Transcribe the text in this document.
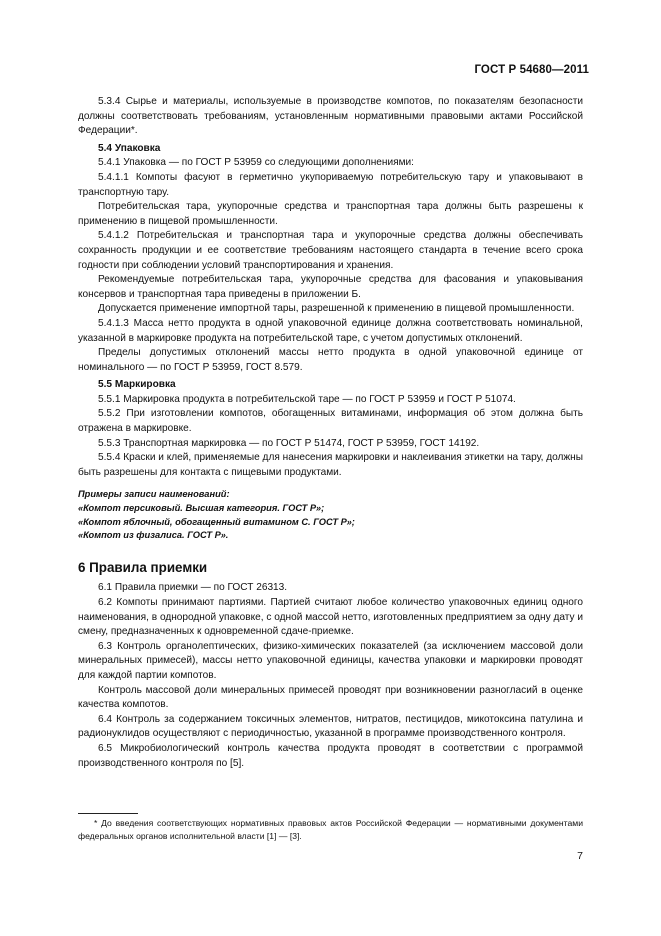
ГОСТ Р 54680—2011

5.3.4 Сырье и материалы, используемые в производстве компотов, по показателям безопасности должны соответствовать требованиям, установленным нормативными правовыми актами Российской Федерации*.

5.4 Упаковка

5.4.1 Упаковка — по ГОСТ Р 53959 со следующими дополнениями:

5.4.1.1 Компоты фасуют в герметично укупориваемую потребительскую тару и упаковывают в транспортную тару.

Потребительская тара, укупорочные средства и транспортная тара должны быть разрешены к применению в пищевой промышленности.

5.4.1.2 Потребительская и транспортная тара и укупорочные средства должны обеспечивать сохранность продукции и ее соответствие требованиям настоящего стандарта в течение всего срока годности при соблюдении условий транспортирования и хранения.

Рекомендуемые потребительская тара, укупорочные средства для фасования и упаковывания консервов и транспортная тара приведены в приложении Б.

Допускается применение импортной тары, разрешенной к применению в пищевой промышленности.

5.4.1.3 Масса нетто продукта в одной упаковочной единице должна соответствовать номинальной, указанной в маркировке продукта на потребительской таре, с учетом допустимых отклонений.

Пределы допустимых отклонений массы нетто продукта в одной упаковочной единице от номинального — по ГОСТ Р 53959, ГОСТ 8.579.

5.5 Маркировка

5.5.1 Маркировка продукта в потребительской таре — по ГОСТ Р 53959 и ГОСТ Р 51074.

5.5.2 При изготовлении компотов, обогащенных витаминами, информация об этом должна быть отражена в маркировке.

5.5.3 Транспортная маркировка — по ГОСТ Р 51474, ГОСТ Р 53959, ГОСТ 14192.

5.5.4 Краски и клей, применяемые для нанесения маркировки и наклеивания этикетки на тару, должны быть разрешены для контакта с пищевыми продуктами.

Примеры записи наименований:

«Компот персиковый. Высшая категория. ГОСТ Р»;

«Компот яблочный, обогащенный витамином С. ГОСТ Р»;

«Компот из физалиса. ГОСТ Р».

6 Правила приемки

6.1 Правила приемки — по ГОСТ 26313.

6.2 Компоты принимают партиями. Партией считают любое количество упаковочных единиц одного наименования, в однородной упаковке, с одной массой нетто, изготовленных предприятием за одну дату и смену, предназначенных к одновременной сдаче-приемке.

6.3 Контроль органолептических, физико-химических показателей (за исключением массовой доли минеральных примесей), массы нетто упаковочной единицы, качества упаковки и маркировки проводят для каждой партии компотов.

Контроль массовой доли минеральных примесей проводят при возникновении разногласий в оценке качества компотов.

6.4 Контроль за содержанием токсичных элементов, нитратов, пестицидов, микотоксина патулина и радионуклидов осуществляют с периодичностью, указанной в программе производственного контроля.

6.5 Микробиологический контроль качества продукта проводят в соответствии с программой производственного контроля по [5].

* До введения соответствующих нормативных правовых актов Российской Федерации — нормативными документами федеральных органов исполнительной власти [1] — [3].

7
